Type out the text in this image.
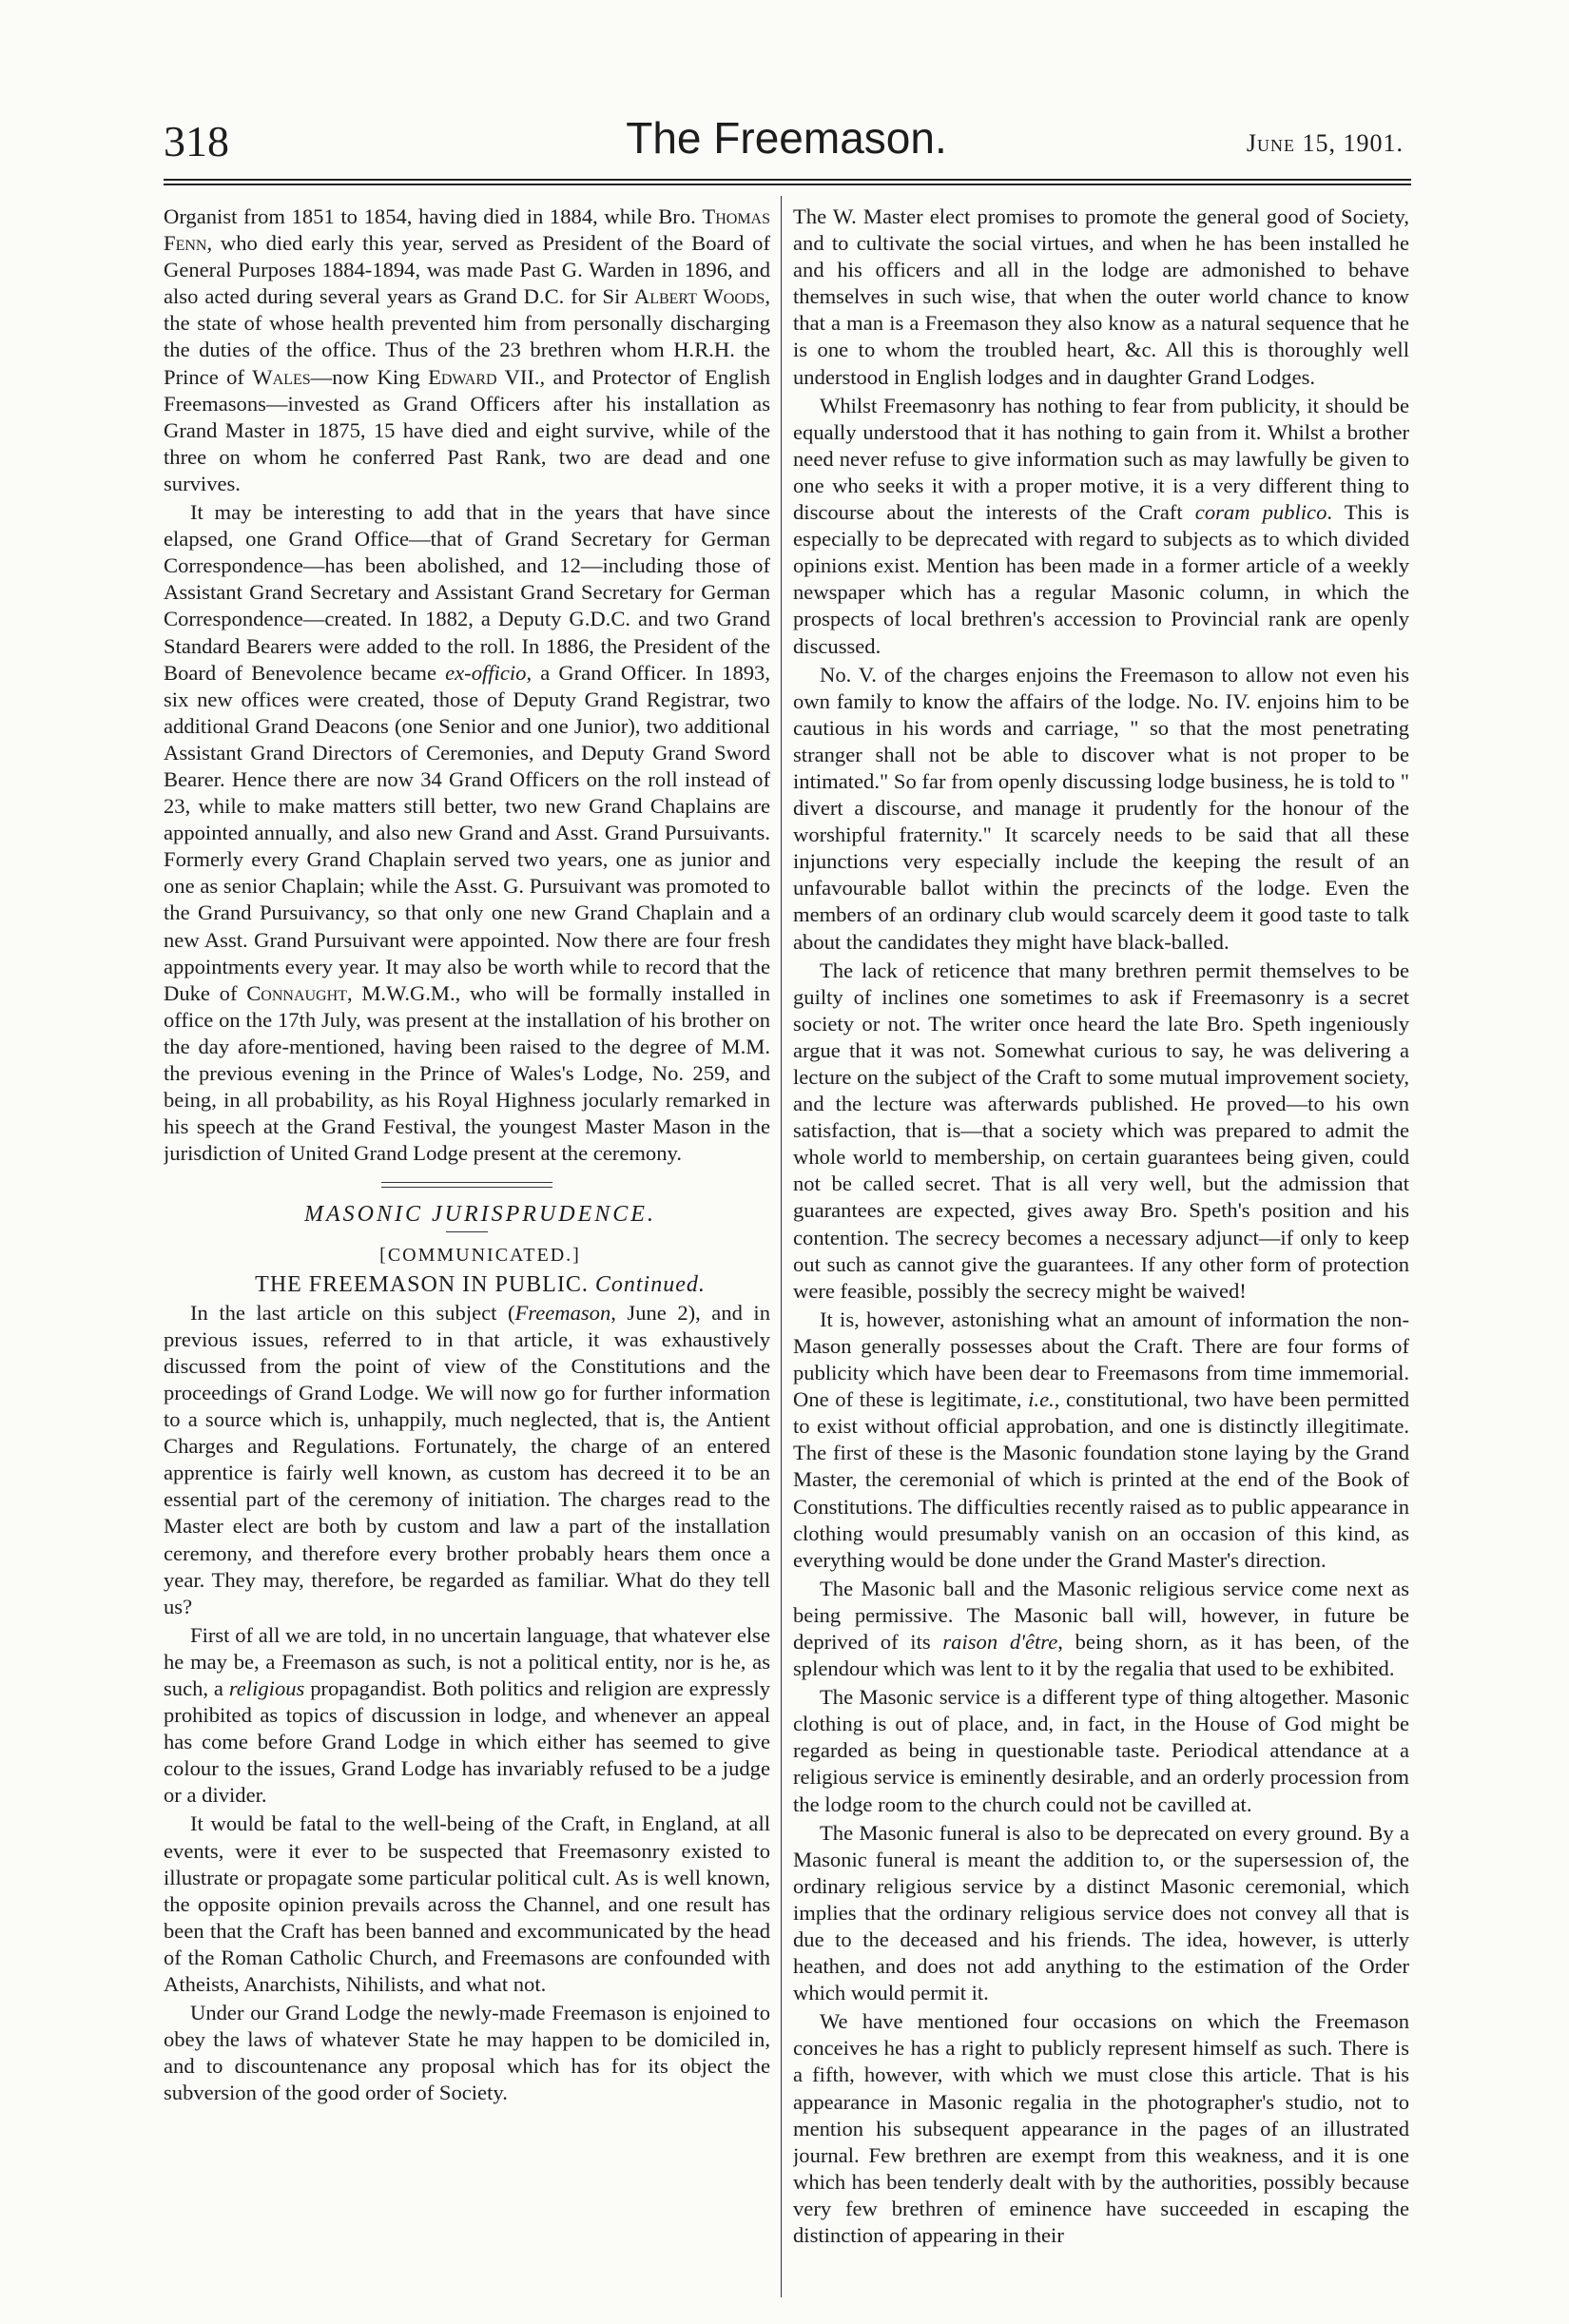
318	The Freemason.	June 15, 1901.

Organist from 1851 to 1854, having died in 1884, while Bro. Thomas Fenn, who died early this year, served as President of the Board of General Purposes 1884-1894, was made Past G. Warden in 1896, and also acted during several years as Grand D.C. for Sir Albert Woods, the state of whose health prevented him from personally discharging the duties of the office. Thus of the 23 brethren whom H.R.H. the Prince of Wales—now King Edward VII., and Protector of English Freemasons—invested as Grand Officers after his installation as Grand Master in 1875, 15 have died and eight survive, while of the three on whom he conferred Past Rank, two are dead and one survives.

It may be interesting to add that in the years that have since elapsed, one Grand Office—that of Grand Secretary for German Correspondence—has been abolished, and 12—including those of Assistant Grand Secretary and Assistant Grand Secretary for German Correspondence—created. In 1882, a Deputy G.D.C. and two Grand Standard Bearers were added to the roll. In 1886, the President of the Board of Benevolence became ex-officio, a Grand Officer. In 1893, six new offices were created, those of Deputy Grand Registrar, two additional Grand Deacons (one Senior and one Junior), two additional Assistant Grand Directors of Ceremonies, and Deputy Grand Sword Bearer. Hence there are now 34 Grand Officers on the roll instead of 23, while to make matters still better, two new Grand Chaplains are appointed annually, and also new Grand and Asst. Grand Pursuivants. Formerly every Grand Chaplain served two years, one as junior and one as senior Chaplain; while the Asst. G. Pursuivant was promoted to the Grand Pursuivancy, so that only one new Grand Chaplain and a new Asst. Grand Pursuivant were appointed. Now there are four fresh appointments every year. It may also be worth while to record that the Duke of Connaught, M.W.G.M., who will be formally installed in office on the 17th July, was present at the installation of his brother on the day afore-mentioned, having been raised to the degree of M.M. the previous evening in the Prince of Wales's Lodge, No. 259, and being, in all probability, as his Royal Highness jocularly remarked in his speech at the Grand Festival, the youngest Master Mason in the jurisdiction of United Grand Lodge present at the ceremony.

MASONIC JURISPRUDENCE.

[COMMUNICATED.]

THE FREEMASON IN PUBLIC. Continued.

In the last article on this subject (Freemason, June 2), and in previous issues, referred to in that article, it was exhaustively discussed from the point of view of the Constitutions and the proceedings of Grand Lodge. We will now go for further information to a source which is, unhappily, much neglected, that is, the Antient Charges and Regulations. Fortunately, the charge of an entered apprentice is fairly well known, as custom has decreed it to be an essential part of the ceremony of initiation. The charges read to the Master elect are both by custom and law a part of the installation ceremony, and therefore every brother probably hears them once a year. They may, therefore, be regarded as familiar. What do they tell us?

First of all we are told, in no uncertain language, that whatever else he may be, a Freemason as such, is not a political entity, nor is he, as such, a religious propagandist. Both politics and religion are expressly prohibited as topics of discussion in lodge, and whenever an appeal has come before Grand Lodge in which either has seemed to give colour to the issues, Grand Lodge has invariably refused to be a judge or a divider.

It would be fatal to the well-being of the Craft, in England, at all events, were it ever to be suspected that Freemasonry existed to illustrate or propagate some particular political cult. As is well known, the opposite opinion prevails across the Channel, and one result has been that the Craft has been banned and excommunicated by the head of the Roman Catholic Church, and Freemasons are confounded with Atheists, Anarchists, Nihilists, and what not.

Under our Grand Lodge the newly-made Freemason is enjoined to obey the laws of whatever State he may happen to be domiciled in, and to discountenance any proposal which has for its object the subversion of the good order of Society.

The W. Master elect promises to promote the general good of Society, and to cultivate the social virtues, and when he has been installed he and his officers and all in the lodge are admonished to behave themselves in such wise, that when the outer world chance to know that a man is a Freemason they also know as a natural sequence that he is one to whom the troubled heart, &c. All this is thoroughly well understood in English lodges and in daughter Grand Lodges.

Whilst Freemasonry has nothing to fear from publicity, it should be equally understood that it has nothing to gain from it. Whilst a brother need never refuse to give information such as may lawfully be given to one who seeks it with a proper motive, it is a very different thing to discourse about the interests of the Craft coram publico. This is especially to be deprecated with regard to subjects as to which divided opinions exist. Mention has been made in a former article of a weekly newspaper which has a regular Masonic column, in which the prospects of local brethren's accession to Provincial rank are openly discussed.

No. V. of the charges enjoins the Freemason to allow not even his own family to know the affairs of the lodge. No. IV. enjoins him to be cautious in his words and carriage, " so that the most penetrating stranger shall not be able to discover what is not proper to be intimated." So far from openly discussing lodge business, he is told to " divert a discourse, and manage it prudently for the honour of the worshipful fraternity." It scarcely needs to be said that all these injunctions very especially include the keeping the result of an unfavourable ballot within the precincts of the lodge. Even the members of an ordinary club would scarcely deem it good taste to talk about the candidates they might have black-balled.

The lack of reticence that many brethren permit themselves to be guilty of inclines one sometimes to ask if Freemasonry is a secret society or not. The writer once heard the late Bro. Speth ingeniously argue that it was not. Somewhat curious to say, he was delivering a lecture on the subject of the Craft to some mutual improvement society, and the lecture was afterwards published. He proved—to his own satisfaction, that is—that a society which was prepared to admit the whole world to membership, on certain guarantees being given, could not be called secret. That is all very well, but the admission that guarantees are expected, gives away Bro. Speth's position and his contention. The secrecy becomes a necessary adjunct—if only to keep out such as cannot give the guarantees. If any other form of protection were feasible, possibly the secrecy might be waived!

It is, however, astonishing what an amount of information the non-Mason generally possesses about the Craft. There are four forms of publicity which have been dear to Freemasons from time immemorial. One of these is legitimate, i.e., constitutional, two have been permitted to exist without official approbation, and one is distinctly illegitimate. The first of these is the Masonic foundation stone laying by the Grand Master, the ceremonial of which is printed at the end of the Book of Constitutions. The difficulties recently raised as to public appearance in clothing would presumably vanish on an occasion of this kind, as everything would be done under the Grand Master's direction.

The Masonic ball and the Masonic religious service come next as being permissive. The Masonic ball will, however, in future be deprived of its raison d'être, being shorn, as it has been, of the splendour which was lent to it by the regalia that used to be exhibited.

The Masonic service is a different type of thing altogether. Masonic clothing is out of place, and, in fact, in the House of God might be regarded as being in questionable taste. Periodical attendance at a religious service is eminently desirable, and an orderly procession from the lodge room to the church could not be cavilled at.

The Masonic funeral is also to be deprecated on every ground. By a Masonic funeral is meant the addition to, or the supersession of, the ordinary religious service by a distinct Masonic ceremonial, which implies that the ordinary religious service does not convey all that is due to the deceased and his friends. The idea, however, is utterly heathen, and does not add anything to the estimation of the Order which would permit it.

We have mentioned four occasions on which the Freemason conceives he has a right to publicly represent himself as such. There is a fifth, however, with which we must close this article. That is his appearance in Masonic regalia in the photographer's studio, not to mention his subsequent appearance in the pages of an illustrated journal. Few brethren are exempt from this weakness, and it is one which has been tenderly dealt with by the authorities, possibly because very few brethren of eminence have succeeded in escaping the distinction of appearing in their
